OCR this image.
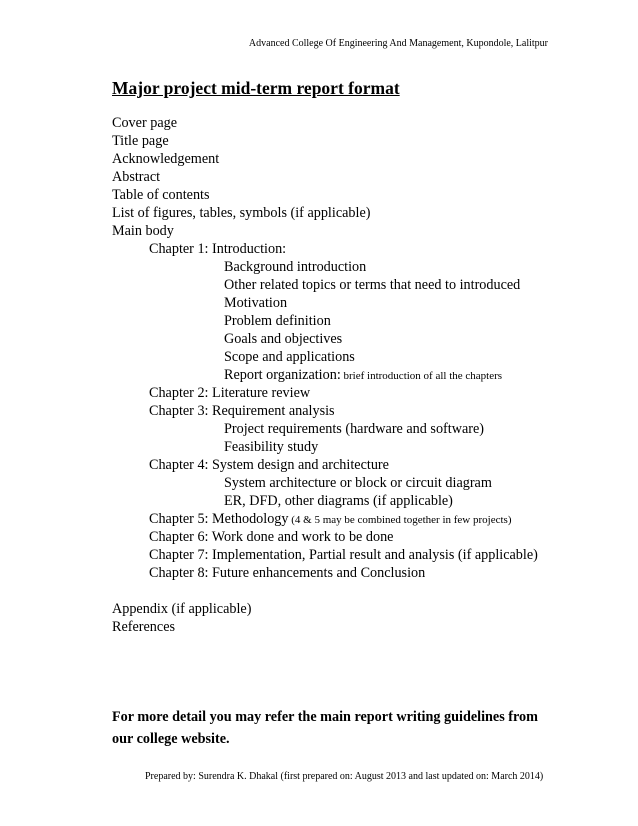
Advanced College Of Engineering And Management, Kupondole, Lalitpur
Major project mid-term report format
Cover page
Title page
Acknowledgement
Abstract
Table of contents
List of figures, tables, symbols (if applicable)
Main body
Chapter 1: Introduction:
Background introduction
Other related topics or terms that need to introduced
Motivation
Problem definition
Goals and objectives
Scope and applications
Report organization: brief introduction of all the chapters
Chapter 2: Literature review
Chapter 3: Requirement analysis
Project requirements (hardware and software)
Feasibility study
Chapter 4: System design and architecture
System architecture or block or circuit diagram
ER, DFD, other diagrams (if applicable)
Chapter 5: Methodology (4 & 5 may be combined together in few projects)
Chapter 6: Work done and work to be done
Chapter 7: Implementation, Partial result and analysis (if applicable)
Chapter 8: Future enhancements and Conclusion
Appendix (if applicable)
References
For more detail you may refer the main report writing guidelines from our college website.
Prepared by: Surendra K. Dhakal (first prepared on: August 2013 and last updated on: March 2014)
